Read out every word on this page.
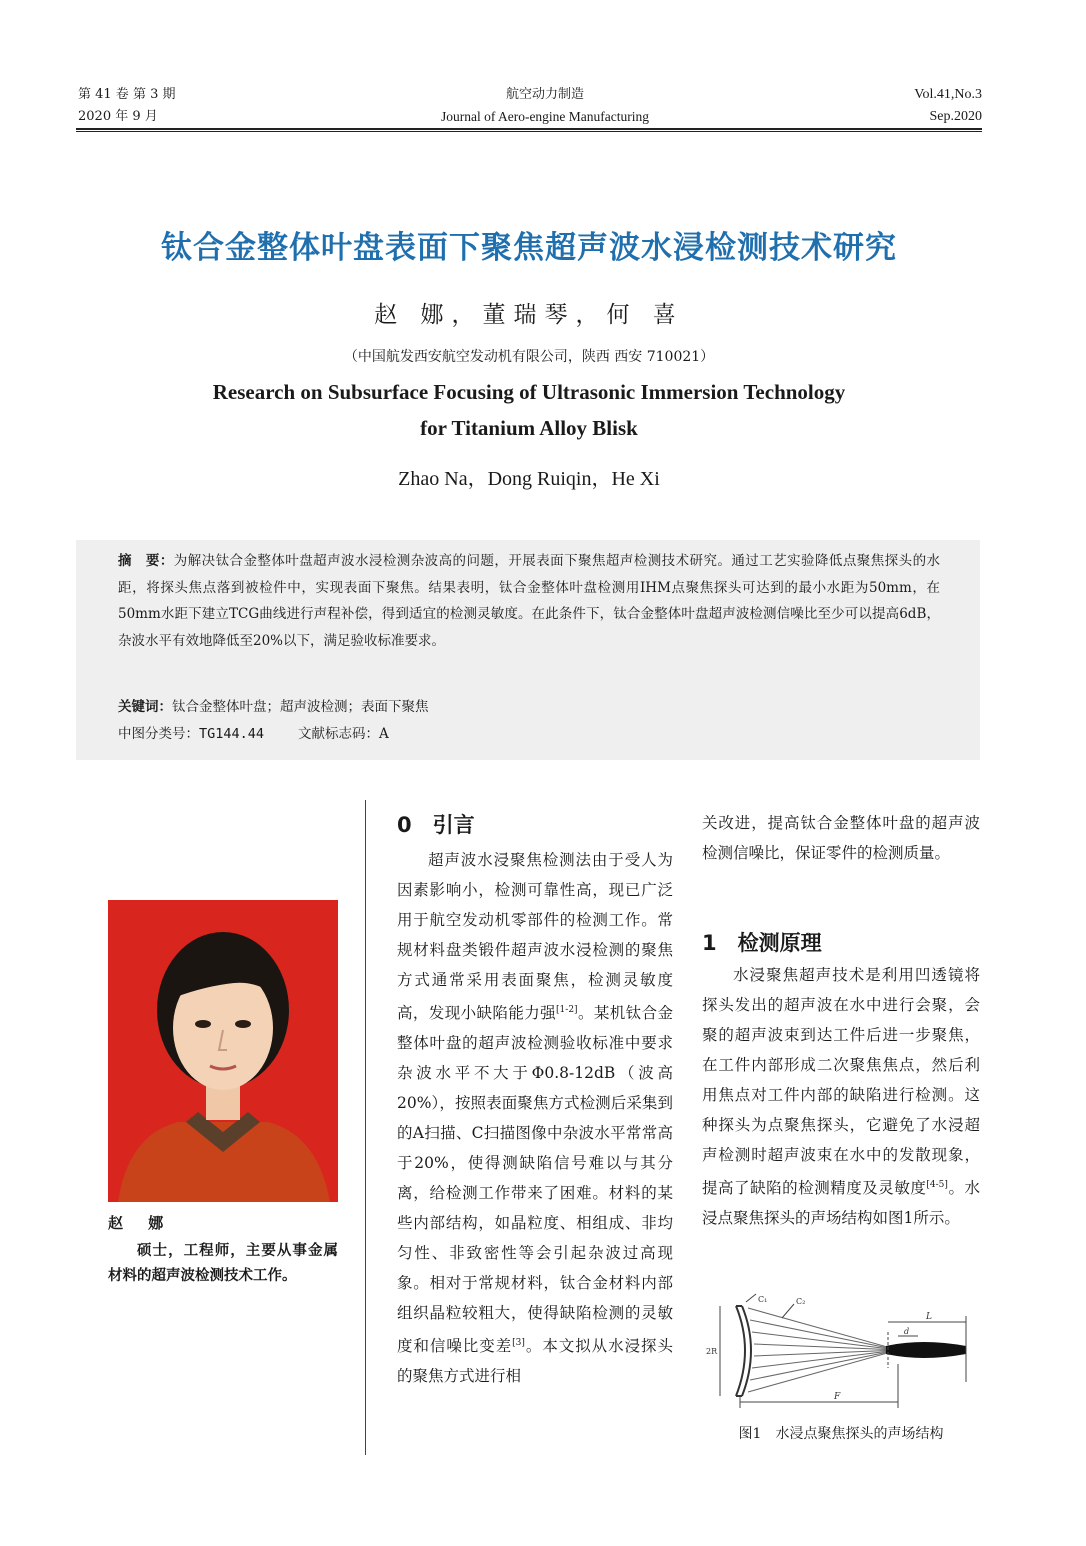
第 41 卷 第 3 期
2020 年 9 月
航空动力制造
Journal of Aero-engine Manufacturing
Vol.41,No.3
Sep.2020
钛合金整体叶盘表面下聚焦超声波水浸检测技术研究
赵 娜，董瑞琴，何 喜
（中国航发西安航空发动机有限公司，陕西 西安 710021）
Research on Subsurface Focusing of Ultrasonic Immersion Technology
for Titanium Alloy Blisk
Zhao Na，Dong Ruiqin，He Xi
摘　要：为解决钛合金整体叶盘超声波水浸检测杂波高的问题，开展表面下聚焦超声检测技术研究。通过工艺实验降低点聚焦探头的水距，将探头焦点落到被检件中，实现表面下聚焦。结果表明，钛合金整体叶盘检测用IHM点聚焦探头可达到的最小水距为50mm，在50mm水距下建立TCG曲线进行声程补偿，得到适宜的检测灵敏度。在此条件下，钛合金整体叶盘超声波检测信噪比至少可以提高6dB，杂波水平有效地降低至20%以下，满足验收标准要求。
关键词：钛合金整体叶盘；超声波检测；表面下聚焦
中图分类号：TG144.44	文献标志码：A
赵 娜
硕士，工程师，主要从事金属材料的超声波检测技术工作。
0　引言

超声波水浸聚焦检测法由于受人为因素影响小，检测可靠性高，现已广泛用于航空发动机零部件的检测工作。常规材料盘类锻件超声波水浸检测的聚焦方式通常采用表面聚焦，检测灵敏度高，发现小缺陷能力强[1-2]。某机钛合金整体叶盘的超声波检测验收标准中要求杂波水平不大于Φ0.8-12dB（波高20%），按照表面聚焦方式检测后采集到的A扫描、C扫描图像中杂波水平常常高于20%，使得测缺陷信号难以与其分离，给检测工作带来了困难。材料的某些内部结构，如晶粒度、相组成、非均匀性、非致密性等会引起杂波过高现象。相对于常规材料，钛合金材料内部组织晶粒较粗大，使得缺陷检测的灵敏度和信噪比变差[3]。本文拟从水浸探头的聚焦方式进行相

关改进，提高钛合金整体叶盘的超声波检测信噪比，保证零件的检测质量。

1　检测原理

水浸聚焦超声技术是利用凹透镜将探头发出的超声波在水中进行会聚，会聚的超声波束到达工件后进一步聚焦，在工件内部形成二次聚焦焦点，然后利用焦点对工件内部的缺陷进行检测。这种探头为点聚焦探头，它避免了水浸超声检测时超声波束在水中的发散现象，提高了缺陷的检测精度及灵敏度[4-5]。水浸点聚焦探头的声场结构如图1所示。

C₁	C₂
2R
L
d
F
图1　水浸点聚焦探头的声场结构
